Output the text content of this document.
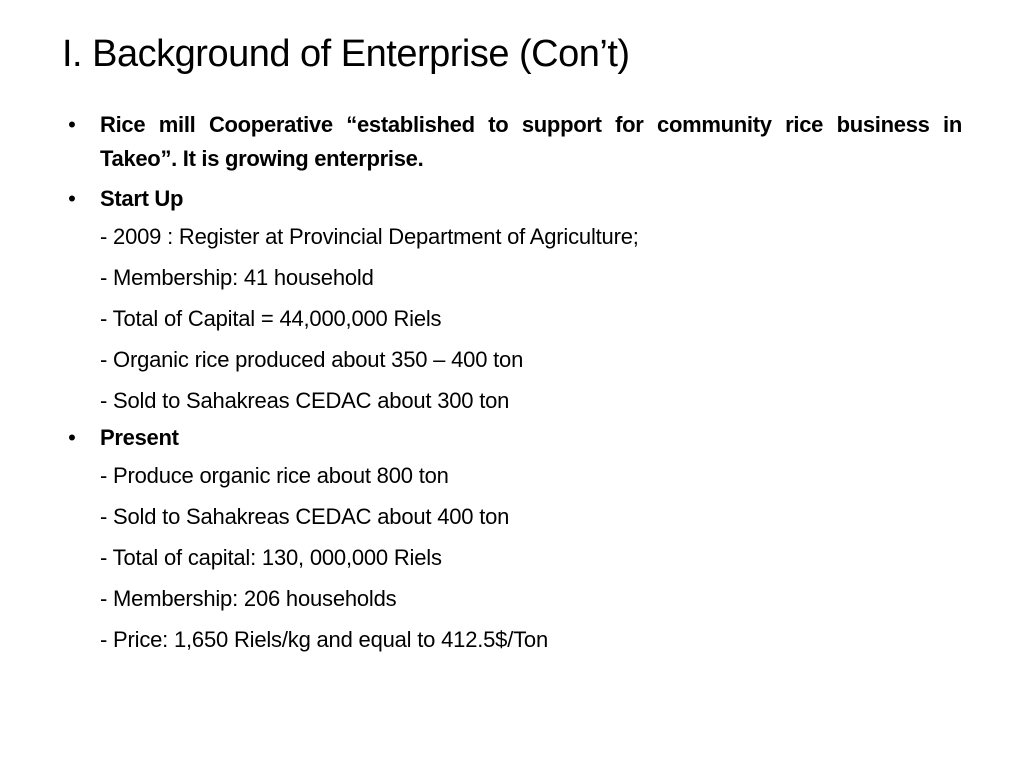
I. Background of Enterprise (Con’t)
• Rice mill Cooperative “established to support for community rice business in Takeo”. It is growing enterprise.
• Start Up
- 2009 : Register at Provincial Department of Agriculture;
- Membership: 41 household
- Total of Capital = 44,000,000 Riels
- Organic rice produced about 350 – 400 ton
- Sold to Sahakreas CEDAC about 300 ton
• Present
- Produce organic rice about 800 ton
- Sold to Sahakreas CEDAC about 400 ton
- Total of capital: 130, 000,000 Riels
- Membership: 206 households
- Price: 1,650 Riels/kg and equal to 412.5$/Ton
